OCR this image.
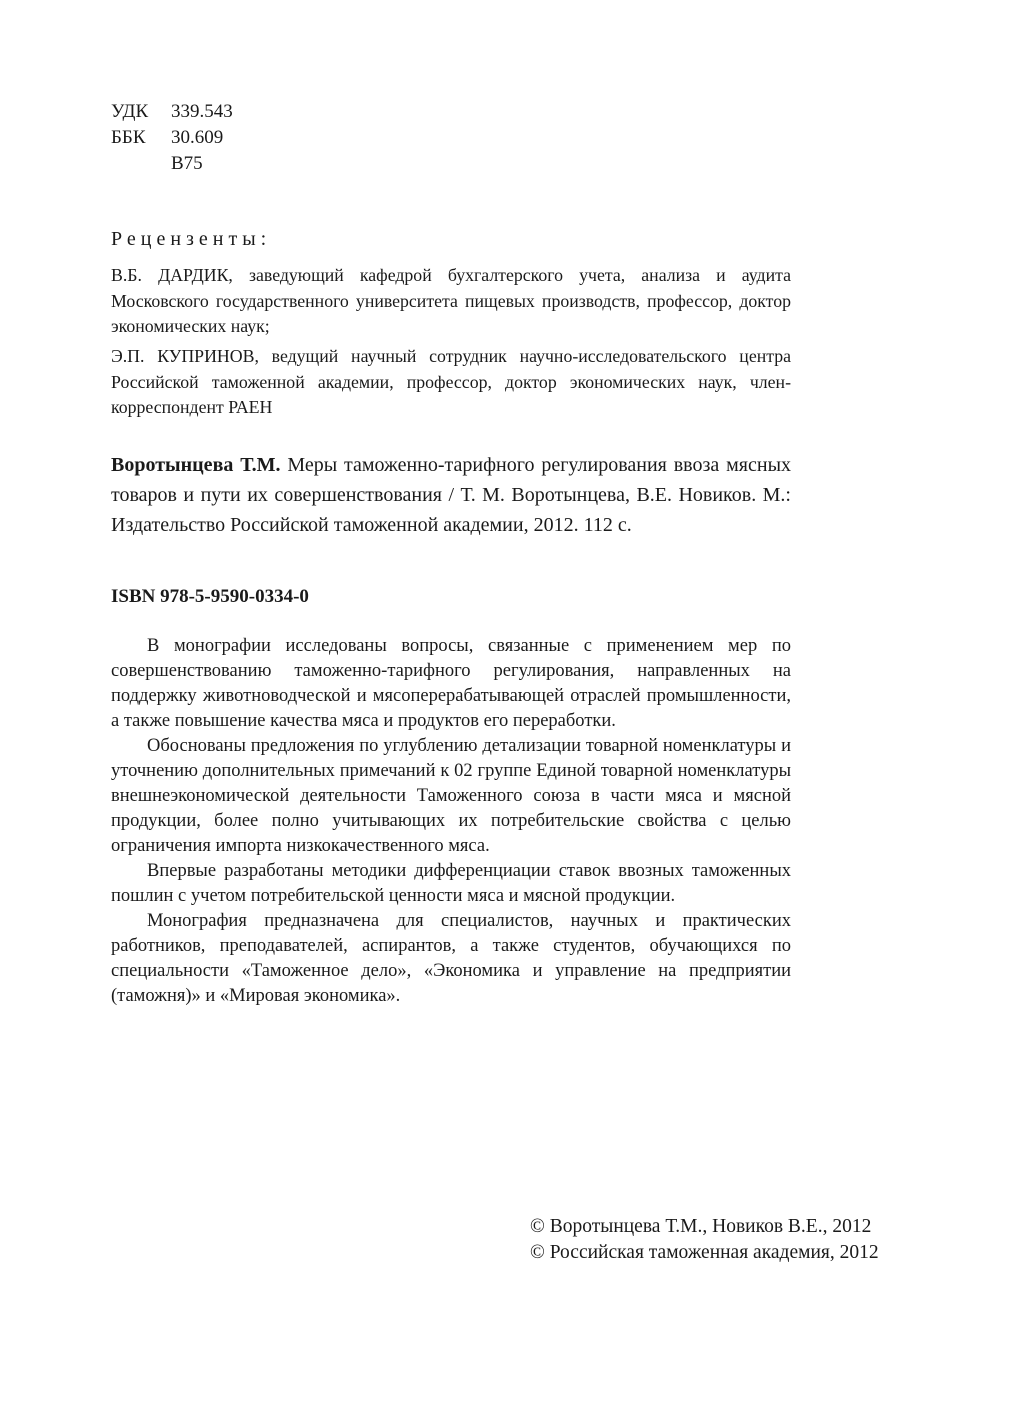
УДК	339.543
ББК	30.609
В75
Рецензенты:
В.Б. ДАРДИК, заведующий кафедрой бухгалтерского учета, анализа и аудита Московского государственного университета пищевых производств, профессор, доктор экономических наук;
Э.П. КУПРИНОВ, ведущий научный сотрудник научно-исследовательского центра Российской таможенной академии, профессор, доктор экономических наук, член-корреспондент РАЕН
Воротынцева Т.М. Меры таможенно-тарифного регулирования ввоза мясных товаров и пути их совершенствования / Т. М. Воротынцева, В.Е. Новиков. М.: Издательство Российской таможенной академии, 2012. 112 с.
ISBN 978-5-9590-0334-0

В монографии исследованы вопросы, связанные с применением мер по совершенствованию таможенно-тарифного регулирования, направленных на поддержку животноводческой и мясоперерабатывающей отраслей промышленности, а также повышение качества мяса и продуктов его переработки.

Обоснованы предложения по углублению детализации товарной номенклатуры и уточнению дополнительных примечаний к 02 группе Единой товарной номенклатуры внешнеэкономической деятельности Таможенного союза в части мяса и мясной продукции, более полно учитывающих их потребительские свойства с целью ограничения импорта низкокачественного мяса.

Впервые разработаны методики дифференциации ставок ввозных таможенных пошлин с учетом потребительской ценности мяса и мясной продукции.

Монография предназначена для специалистов, научных и практических работников, преподавателей, аспирантов, а также студентов, обучающихся по специальности «Таможенное дело», «Экономика и управление на предприятии (таможня)» и «Мировая экономика».

© Воротынцева Т.М., Новиков В.Е., 2012
© Российская таможенная академия, 2012
